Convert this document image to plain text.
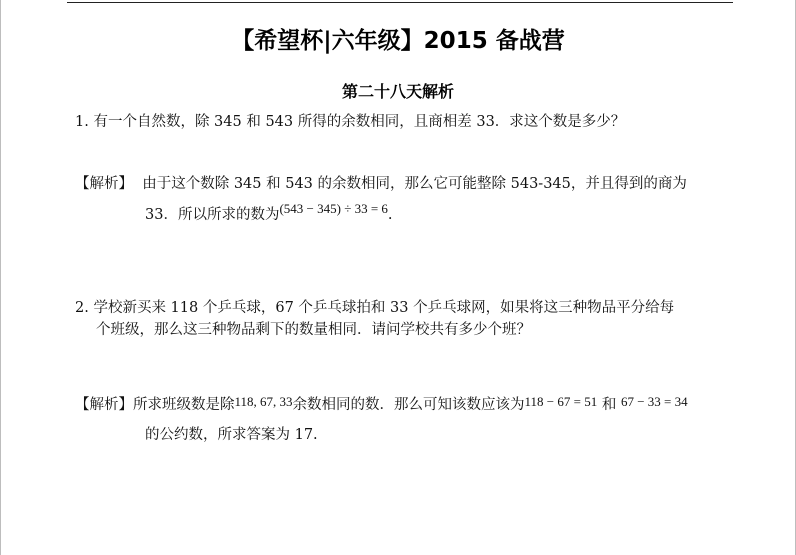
【希望杯|六年级】2015 备战营
第二十八天解析
1. 有一个自然数，除 345 和 543 所得的余数相同，且商相差 33．求这个数是多少？
【解析】 由于这个数除 345 和 543 的余数相同，那么它可能整除 543-345，并且得到的商为
33．所以所求的数为(543 − 345) ÷ 33 = 6.
2. 学校新买来 118 个乒乓球，67 个乒乓球拍和 33 个乒乓球网，如果将这三种物品平分给每
个班级，那么这三种物品剩下的数量相同．请问学校共有多少个班？
【解析】所求班级数是除118, 67, 33余数相同的数．那么可知该数应该为118 − 67 = 51 和 67 − 33 = 34
的公约数，所求答案为 17.
